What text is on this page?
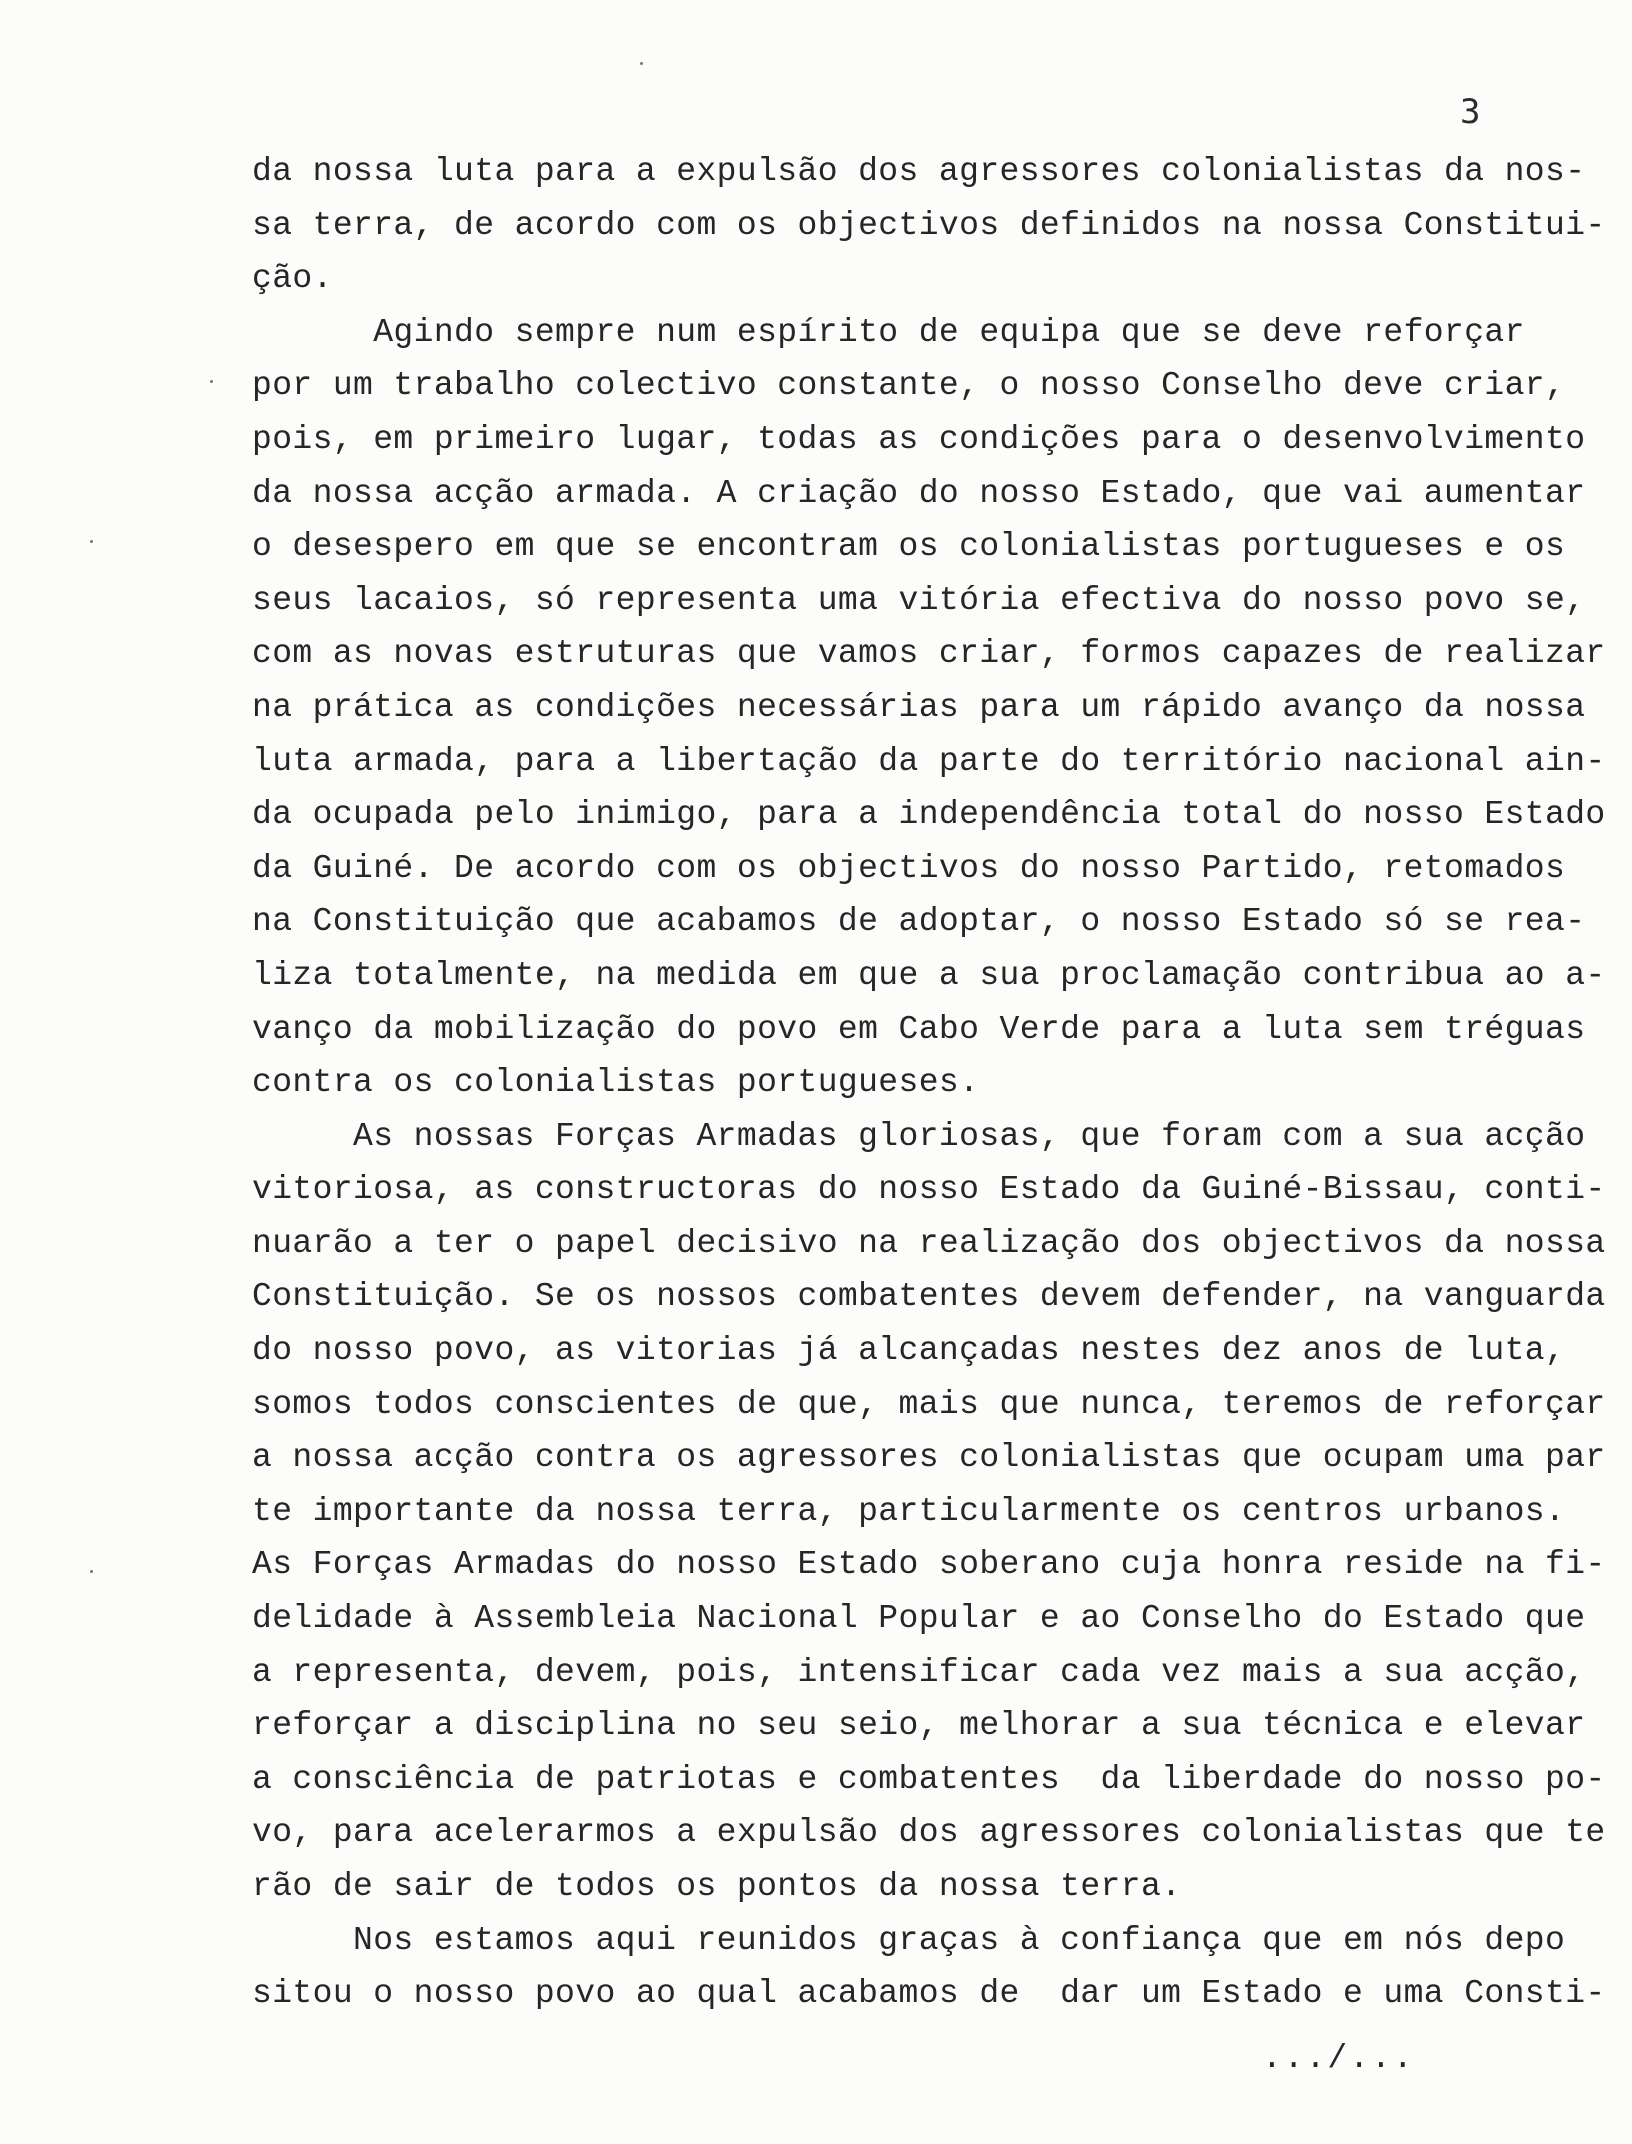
3
da nossa luta para a expulsão dos agressores colonialistas da nos-
sa terra, de acordo com os objectivos definidos na nossa Constitui-
ção.
Agindo sempre num espírito de equipa que se deve reforçar
por um trabalho colectivo constante, o nosso Conselho deve criar,
pois, em primeiro lugar, todas as condições para o desenvolvimento
da nossa acção armada. A criação do nosso Estado, que vai aumentar
o desespero em que se encontram os colonialistas portugueses e os
seus lacaios, só representa uma vitória efectiva do nosso povo se,
com as novas estruturas que vamos criar, formos capazes de realizar
na prática as condições necessárias para um rápido avanço da nossa
luta armada, para a libertação da parte do território nacional ain-
da ocupada pelo inimigo, para a independência total do nosso Estado
da Guiné. De acordo com os objectivos do nosso Partido, retomados
na Constituição que acabamos de adoptar, o nosso Estado só se rea-
liza totalmente, na medida em que a sua proclamação contribua ao a-
vanço da mobilização do povo em Cabo Verde para a luta sem tréguas
contra os colonialistas portugueses.
As nossas Forças Armadas gloriosas, que foram com a sua acção
vitoriosa, as constructoras do nosso Estado da Guiné-Bissau, conti-
nuarão a ter o papel decisivo na realização dos objectivos da nossa
Constituição. Se os nossos combatentes devem defender, na vanguarda
do nosso povo, as vitorias já alcançadas nestes dez anos de luta,
somos todos conscientes de que, mais que nunca, teremos de reforçar
a nossa acção contra os agressores colonialistas que ocupam uma par
te importante da nossa terra, particularmente os centros urbanos.
As Forças Armadas do nosso Estado soberano cuja honra reside na fi-
delidade à Assembleia Nacional Popular e ao Conselho do Estado que
a representa, devem, pois, intensificar cada vez mais a sua acção,
reforçar a disciplina no seu seio, melhorar a sua técnica e elevar
a consciência de patriotas e combatentes  da liberdade do nosso po-
vo, para acelerarmos a expulsão dos agressores colonialistas que te
rão de sair de todos os pontos da nossa terra.
Nos estamos aqui reunidos graças à confiança que em nós depo
sitou o nosso povo ao qual acabamos de  dar um Estado e uma Consti-
.../...
